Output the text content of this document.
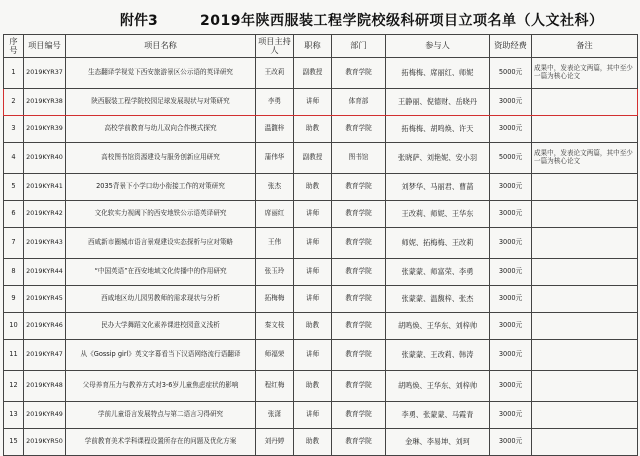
附件3	2019年陕西服装工程学院校级科研项目立项名单（人文社科）
序号	项目编号	项目名称	项目主持人	职称	部门	参与人	资助经费	备注
1	2019KYR37	生态翻译学视觉下西安旅游景区公示语的英译研究	王改莉	副教授	教育学院	拓梅梅、席丽红、师妮	5000元	成果中，发表论文两篇，其中至少一篇为核心论文
2	2019KYR38	陕西服装工程学院校园足球发展现状与对策研究	李勇	讲师	体育部	王静丽、倪德财、岳晓丹	3000元	
3	2019KYR39	高校学前教育与幼儿双向合作模式探究	温馥梓	助教	教育学院	拓梅梅、胡鸣焕、许天	3000元	
4	2019KYR40	高校图书馆资源建设与服务创新应用研究	蒲伟华	副教授	图书馆	张晓萨、刘艳妮、安小羽	5000元	成果中，发表论文两篇，其中至少一篇为核心论文
5	2019KYR41	2035背景下小学口幼小衔接工作的对策研究	张杰	助教	教育学院	刘梦华、马丽君、曹菡	3000元	
6	2019KYR42	文化软实力视阈下的西安地铁公示语英译研究	席丽红	讲师	教育学院	王改莉、师妮、王华东	3000元	
7	2019KYR43	西咸新市圈城市语言景观建设实态探析与应对策略	王伟	讲师	教育学院	师妮、拓梅梅、王改莉	3000元	
8	2019KYR44	“中国英语”在西安地域文化传播中的作用研究	张玉玲	讲师	教育学院	张蒙蒙、师富荣、李勇	3000元	
9	2019KYR45	西咸地区幼儿园男教师的需求现状与分析	拓梅梅	讲师	教育学院	张蒙蒙、温馥梓、张杰	3000元	
10	2019KYR46	民办大学舞蹈文化素养课进校园意义浅析	秦文枝	助教	教育学院	胡鸣焕、王华东、刘梓帅	3000元	
11	2019KYR47	从《Gossip girl》英文字幕看当下汉语网络流行语翻译	师福荣	讲师	教育学院	张蒙蒙、王改莉、韩涛	3000元	
12	2019KYR48	父母养育压力与教养方式对3-6岁儿童焦虑症状的影响	程红梅	助教	教育学院	胡鸣焕、王华东、刘梓帅	3000元	
13	2019KYR49	学前儿童语言发展特点与第二语言习得研究	张潇	讲师	教育学院	李勇、张蒙蒙、马霞青	3000元	
15	2019KYR50	学前教育美术学科课程设置所存在的问题及优化方案	刘丹婷	助教	教育学院	金琳、李易坤、刘珂	3000元	
